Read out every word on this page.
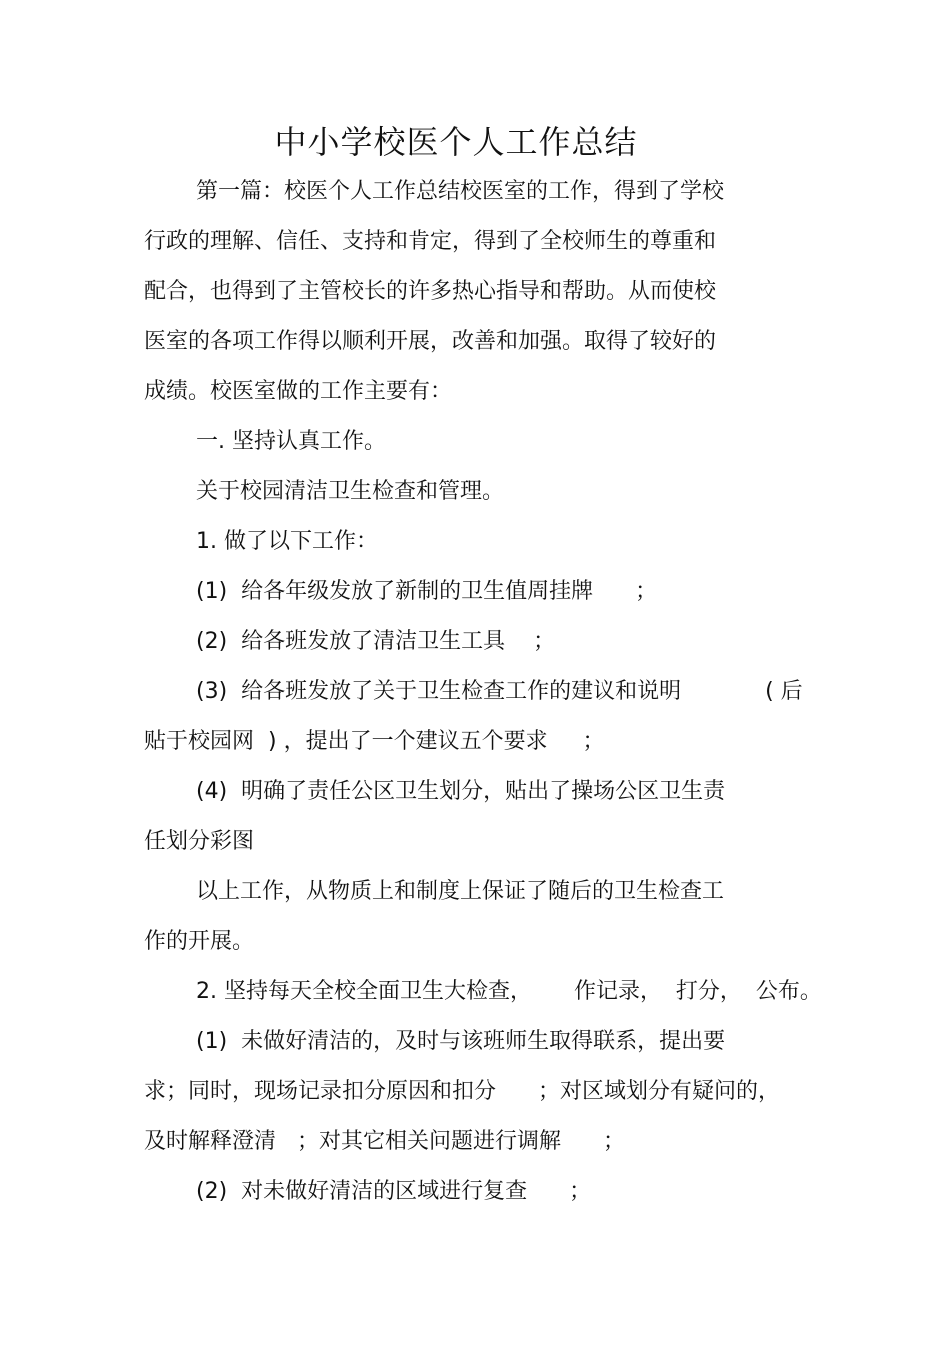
中小学校医个人工作总结
第一篇：校医个人工作总结校医室的工作，得到了学校
行政的理解、信任、支持和肯定，得到了全校师生的尊重和
配合，也得到了主管校长的许多热心指导和帮助。从而使校
医室的各项工作得以顺利开展，改善和加强。取得了较好的
成绩。校医室做的工作主要有：
一. 坚持认真工作。
关于校园清洁卫生检查和管理。
1. 做了以下工作：
(1)  给各年级发放了新制的卫生值周挂牌      ；
(2)  给各班发放了清洁卫生工具    ；
(3)  给各班发放了关于卫生检查工作的建议和说明            ( 后
贴于校园网  ) ，提出了一个建议五个要求     ；
(4)  明确了责任公区卫生划分，贴出了操场公区卫生责
任划分彩图
以上工作，从物质上和制度上保证了随后的卫生检查工
作的开展。
2. 坚持每天全校全面卫生大检查，      作记录，  打分，  公布。
(1)  未做好清洁的，及时与该班师生取得联系，提出要
求；同时，现场记录扣分原因和扣分      ；对区域划分有疑问的，
及时解释澄清   ；对其它相关问题进行调解      ；
(2)  对未做好清洁的区域进行复查      ；
